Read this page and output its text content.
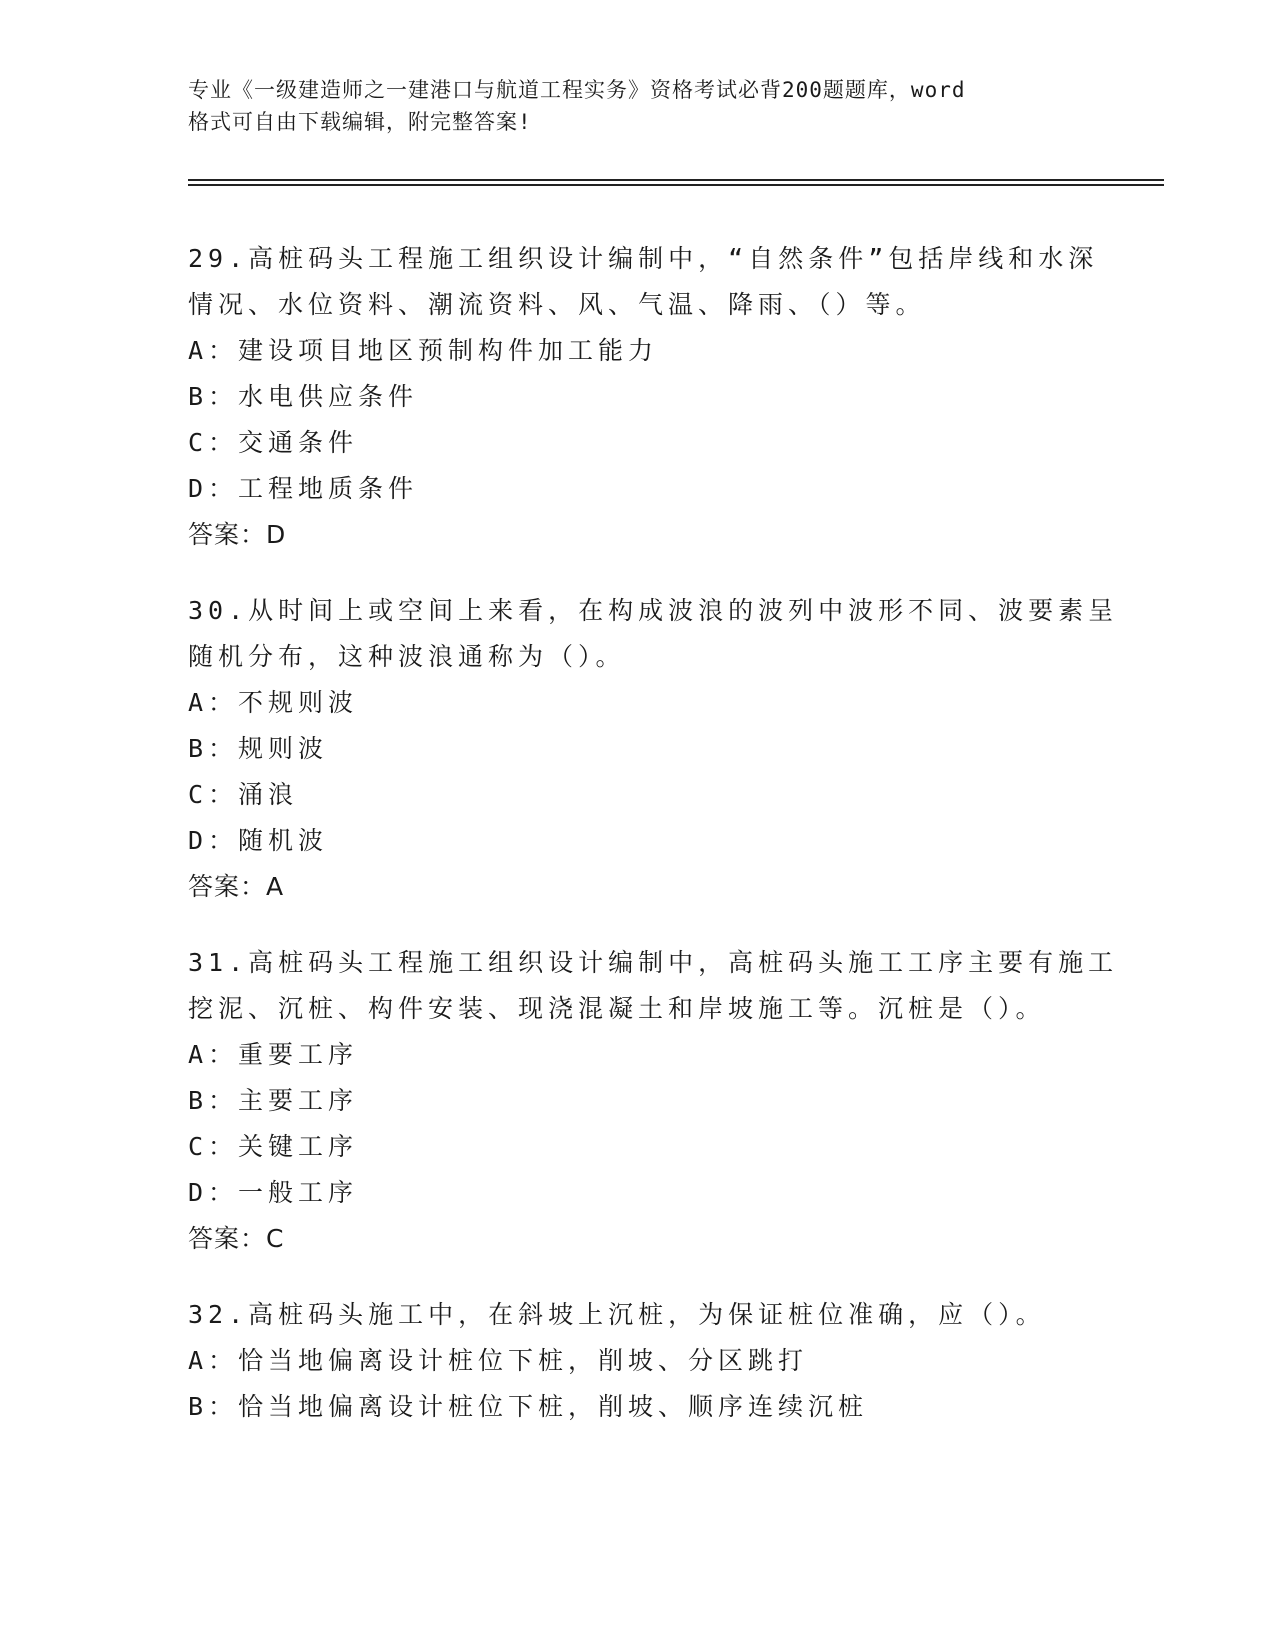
专业《一级建造师之一建港口与航道工程实务》资格考试必背200题题库，word
格式可自由下载编辑，附完整答案!
29.高桩码头工程施工组织设计编制中，“自然条件”包括岸线和水深
情况、水位资料、潮流资料、风、气温、降雨、（）等。
A：建设项目地区预制构件加工能力
B：水电供应条件
C：交通条件
D：工程地质条件
答案：D
30.从时间上或空间上来看，在构成波浪的波列中波形不同、波要素呈
随机分布，这种波浪通称为（）。
A：不规则波
B：规则波
C：涌浪
D：随机波
答案：A
31.高桩码头工程施工组织设计编制中，高桩码头施工工序主要有施工
挖泥、沉桩、构件安装、现浇混凝土和岸坡施工等。沉桩是（）。
A：重要工序
B：主要工序
C：关键工序
D：一般工序
答案：C
32.高桩码头施工中，在斜坡上沉桩，为保证桩位准确，应（）。
A：恰当地偏离设计桩位下桩，削坡、分区跳打
B：恰当地偏离设计桩位下桩，削坡、顺序连续沉桩
